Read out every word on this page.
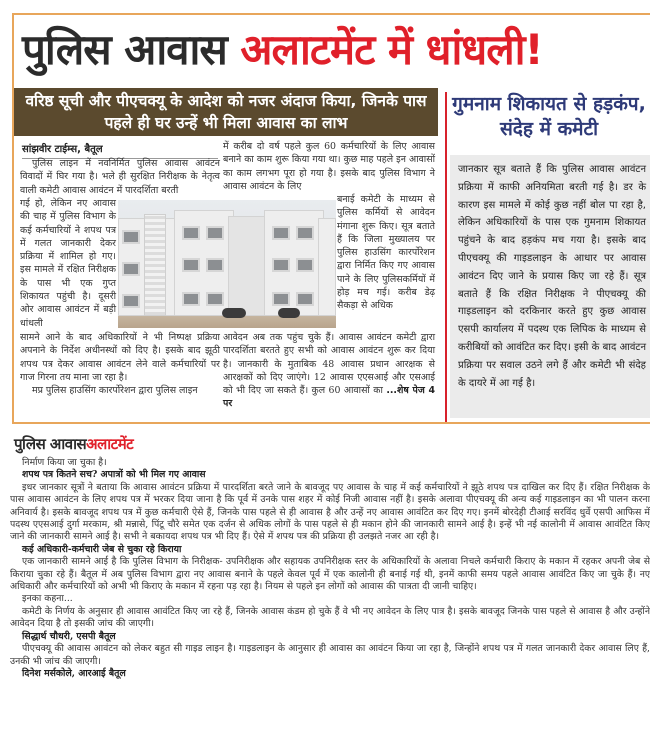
पुलिस आवास अलाटमेंट में धांधली!
वरिष्ठ सूची और पीएचक्यू के आदेश को नजर अंदाज किया, जिनके पास पहले ही घर उन्हें भी मिला आवास का लाभ
सांझवीर टाईम्स, बैतूल
पुलिस लाइन में नवनिर्मित पुलिस आवास आवंटन विवादों में घिर गया है। भले ही सुरक्षित निरीक्षक के नेतृत्व वाली कमेटी आवास आवंटन में पारदर्शिता बरती
गई हो, लेकिन नए आवास की चाह में पुलिस विभाग के कई कर्मचारियों ने शपथ पत्र में गलत जानकारी देकर प्रक्रिया में शामिल हो गए। इस मामले में रक्षित निरीक्षक के पास भी एक गुप्त शिकायत पहुंची है। दूसरी ओर आवास आवंटन में बड़ी धांधली
सामने आने के बाद अधिकारियों ने भी निष्पक्ष प्रक्रिया अपनाने के निर्देश अधीनस्थों को दिए है। इसके बाद झूठी शपथ पत्र देकर आवास आवंटन लेने वाले कर्मचारियों पर गाज गिरना तय माना जा रहा है।
मप्र पुलिस हाउसिंग कारर्पोरेशन द्वारा पुलिस लाइन
में करीब दो वर्ष पहले कुल 60 कर्मचारियों के लिए आवास बनाने का काम शुरू किया गया था। कुछ माह पहले इन आवासों का काम लगभग पूरा हो गया है। इसके बाद पुलिस विभाग ने आवास आवंटन के लिए
बनाई कमेटी के माध्यम से पुलिस कर्मियों से आवेदन मंगाना शुरू किए। सूत्र बताते हैं कि जिला मुख्यालय पर पुलिस हाउसिंग कारर्पोरेशन द्वारा निर्मित किए गए आवास पाने के लिए पुलिसकर्मियों में होड़ मच गई। करीब डेढ़ सैकड़ा से अधिक
आवेदन अब तक पहुंच चुके हैं। आवास आवंटन कमेटी द्वारा पारदर्शिता बरतते हुए सभी को आवास आवंटन शुरू कर दिया है। जानकारी के मुताबिक 48 आवास प्रधान आरक्षक से आरक्षकों को दिए जाएंगे। 12 आवास एएसआई और एसआई को भी दिए जा सकते हैं। कुल 60 आवासों का ...शेष पेज 4 पर
गुमनाम शिकायत से हड़कंप, संदेह में कमेटी
जानकार सूत्र बताते हैं कि पुलिस आवास आवंटन प्रक्रिया में काफी अनियमिता बरती गई है। डर के कारण इस मामले में कोई कुछ नहीं बोल पा रहा है, लेकिन अधिकारियों के पास एक गुमनाम शिकायत पहुंचने के बाद हड़कंप मच गया है। इसके बाद पीएचक्यू की गाइडलाइन के आधार पर आवास आवंटन दिए जाने के प्रयास किए जा रहे हैं। सूत्र बताते हैं कि रक्षित निरीक्षक ने पीएचक्यू की गाइडलाइन को दरकिनार करते हुए कुछ आवास एसपी कार्यालय में पदस्थ एक लिपिक के माध्यम से करीबियों को आवंटित कर दिए। इसी के बाद आवंटन प्रक्रिया पर सवाल उठने लगे हैं और कमेटी भी संदेह के दायरे में आ गई है।
पुलिस आवासअलाटमेंट

निर्माण किया जा चुका है।

शपथ पत्र कितने सच? अपात्रों को भी मिल गए आवास

इधर जानकार सूत्रों ने बताया कि आवास आवंटन प्रक्रिया में पारदर्शिता बरते जाने के बावजूद पए आवास के चाह में कई कर्मचारियों ने झूठे शपथ पत्र दाखिल कर दिए हैं। रक्षित निरीक्षक के पास आवास आवंटन के लिए शपथ पत्र में भरकर दिया जाना है कि पूर्व में उनके पास शहर में कोई निजी आवास नहीं है। इसके अलावा पीएचक्यू की अन्य कई गाइडलाइन का भी पालन करना अनिवार्य है। इसके बावजूद शपथ पत्र में कुछ कर्मचारी ऐसे हैं, जिनके पास पहले से ही आवास है और उन्हें नए आवास आवंटित कर दिए गए। इनमें बोरदेही टीआई सरविंद धुर्वे एसपी आफिस में पदस्थ एएसआई दुर्गा मरकाम, श्री मन्नासे, पिंटू चौरे समेत एक दर्जन से अधिक लोगों के पास पहले से ही मकान होने की जानकारी सामने आई है। इन्हें भी नई कालोनी में आवास आवंटित किए जाने की जानकारी सामने आई है। सभी ने बकायदा शपथ पत्र भी दिए हैं। ऐसे में शपथ पत्र की प्रक्रिया ही उलझते नजर आ रही है।

कई अधिकारी-कर्मचारी जेब से चुका रहे किराया

एक जानकारी सामने आई है कि पुलिस विभाग के निरीक्षक- उपनिरीक्षक और सहायक उपनिरीक्षक स्तर के अधिकारियों के अलावा निचले कर्मचारी किराए के मकान में रहकर अपनी जेब से किराया चुका रहे हैं। बैतूल में अब पुलिस विभाग द्वारा नए आवास बनाने के पहले केवल पूर्व में एक कालोनी ही बनाई गई थी, इनमें काफी समय पहले आवास आवंटित किए जा चुके हैं। नए अधिकारी और कर्मचारियों को अभी भी किराए के मकान में रहना पड़ रहा है। नियम से पहले इन लोगों को आवास की पात्रता दी जानी चाहिए।

इनका कहना...

कमेटी के निर्णय के अनुसार ही आवास आवंटित किए जा रहे हैं, जिनके आवास कंडम हो चुके हैं वे भी नए आवेदन के लिए पात्र है। इसके बावजूद जिनके पास पहले से आवास है और उन्होंने आवेदन दिया है तो इसकी जांच की जाएगी।

सिद्धार्थ चौधरी, एसपी बैतूल

पीएचक्यू की आवास आवंटन को लेकर बहुत सी गाइड लाइन है। गाइडलाइन के आनुसार ही आवास का आवंटन किया जा रहा है, जिन्होंने शपथ पत्र में गलत जानकारी देकर आवास लिए हैं, उनकी भी जांच की जाएगी।

दिनेश मर्सकोले, आरआई बैतूल
